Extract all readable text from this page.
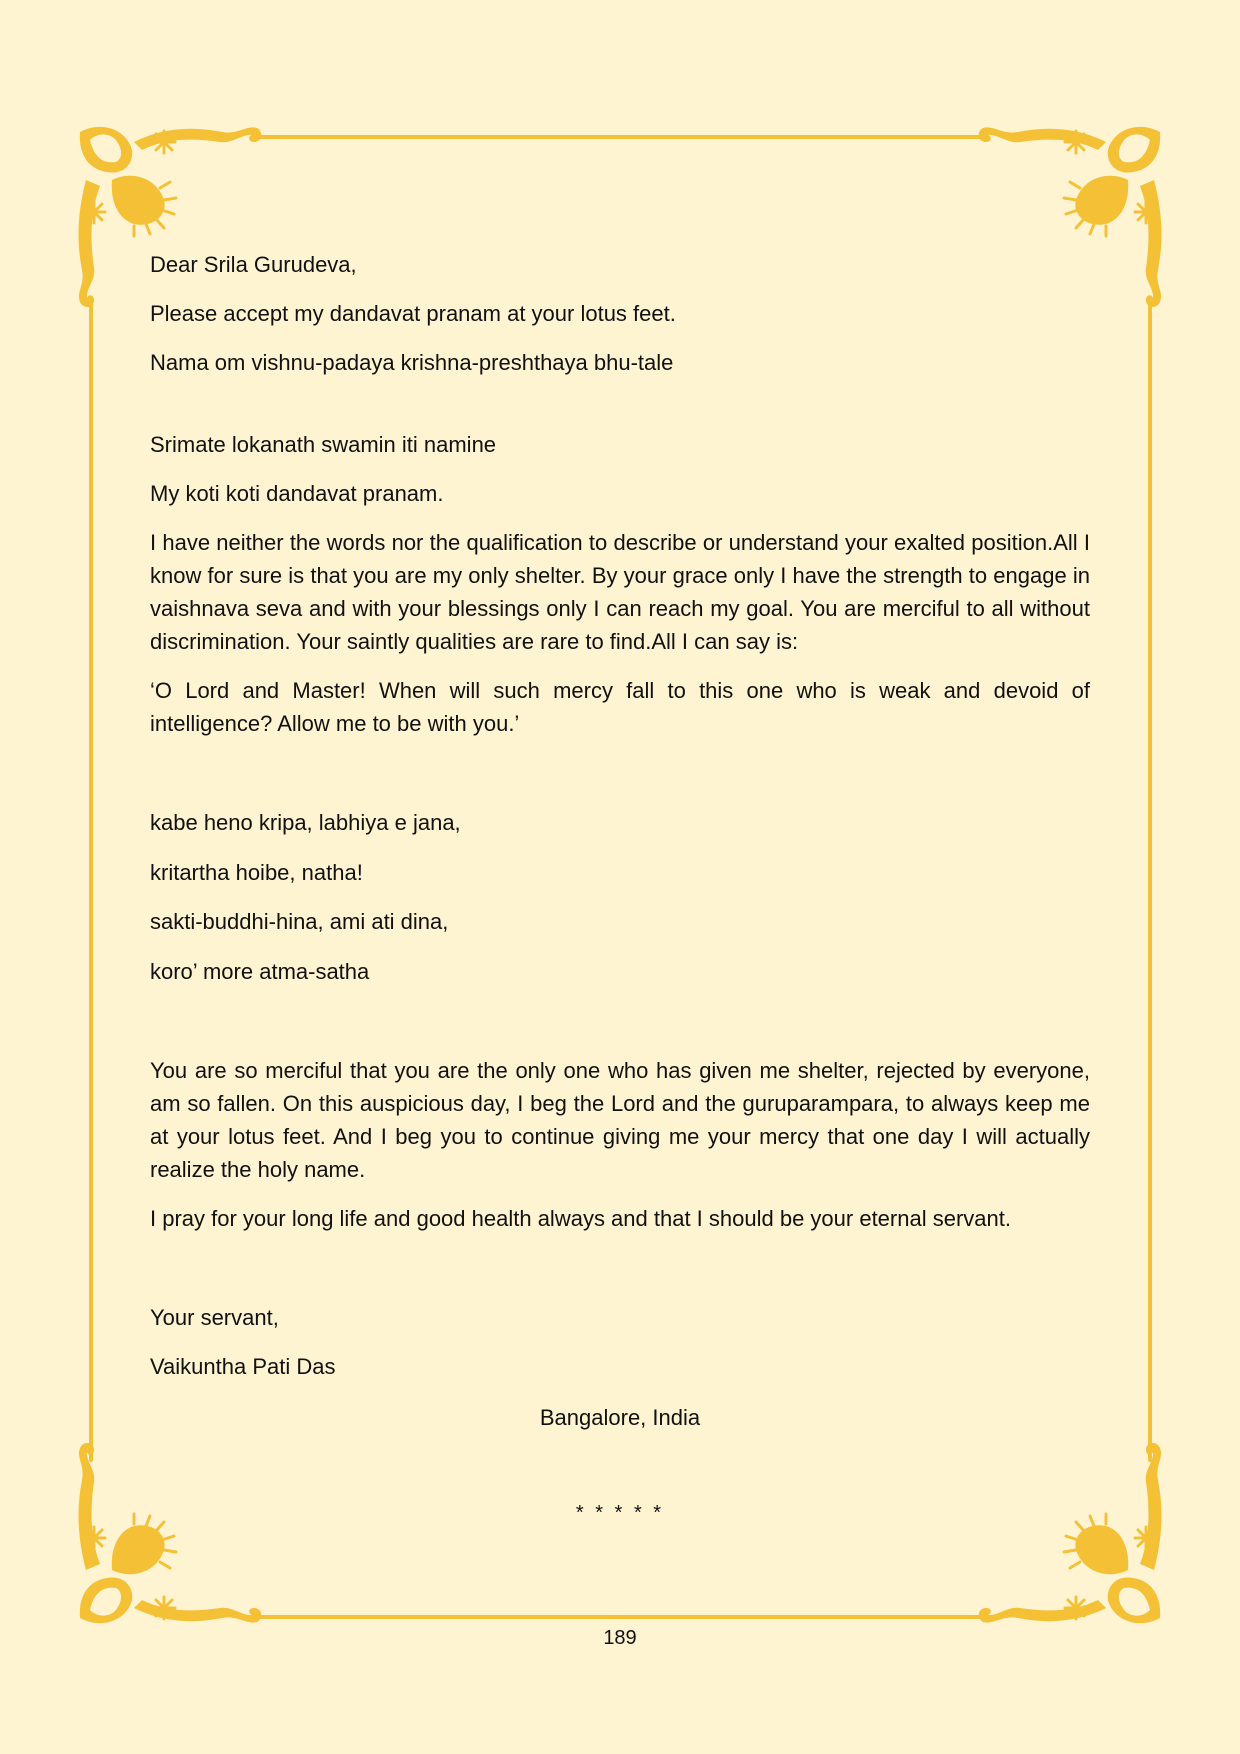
Dear Srila Gurudeva,

Please accept my dandavat pranam at your lotus feet.

Nama om vishnu-padaya krishna-preshthaya bhu-tale

Srimate lokanath swamin iti namine

My koti koti dandavat pranam.

I have neither the words nor the qualification to describe or understand your exalted position.All I know for sure is that you are my only shelter. By your grace only I have the strength to engage in vaishnava seva and with your blessings only I can reach my goal. You are merciful to all without discrimination. Your saintly qualities are rare to find.All I can say is:

‘O Lord and Master! When will such mercy fall to this one who is weak and devoid of intelligence? Allow me to be with you.’

kabe heno kripa, labhiya e jana,

kritartha hoibe, natha!

sakti-buddhi-hina, ami ati dina,

koro’ more atma-satha

You are so merciful that you are the only one who has given me shelter, rejected by everyone, am so fallen. On this auspicious day, I beg the Lord and the guruparampara, to always keep me at your lotus feet. And I beg you to continue giving me your mercy that one day I will actually realize the holy name.

I pray for your long life and good health always and that I should be your eternal servant.

Your servant,

Vaikuntha Pati Das

Bangalore, India
* * * * *
189
